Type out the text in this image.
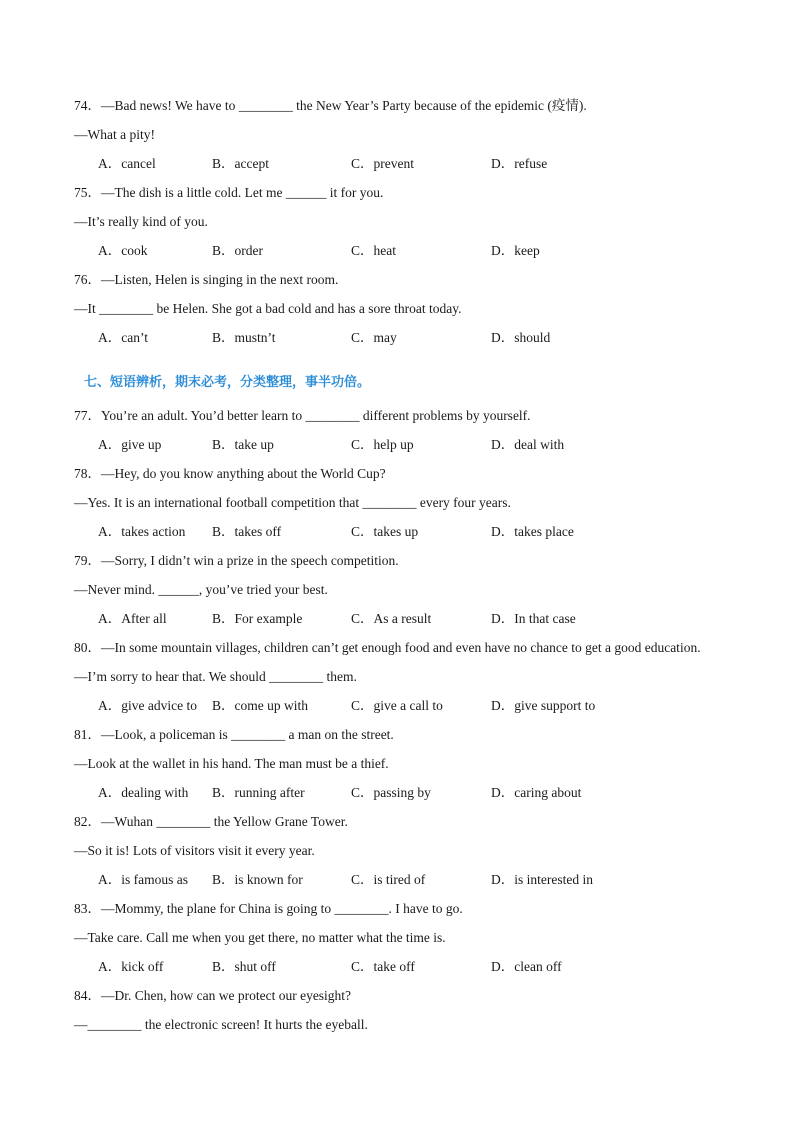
74．—Bad news! We have to ________ the New Year’s Party because of the epidemic (疫情).
—What a pity!
A．cancel	B．accept	C．prevent	D．refuse
75．—The dish is a little cold. Let me ______ it for you.
—It’s really kind of you.
A．cook	B．order	C．heat	D．keep
76．—Listen, Helen is singing in the next room.
—It ________ be Helen. She got a bad cold and has a sore throat today.
A．can’t	B．mustn’t	C．may	D．should
七、短语辨析，期末必考，分类整理，事半功倍。
77．You’re an adult. You’d better learn to ________ different problems by yourself.
A．give up	B．take up	C．help up	D．deal with
78．—Hey, do you know anything about the World Cup?
—Yes. It is an international football competition that ________ every four years.
A．takes action B．takes off	C．takes up	D．takes place
79．—Sorry, I didn’t win a prize in the speech competition.
—Never mind. ______, you’ve tried your best.
A．After all	B．For example	C．As a result	D．In that case
80．—In some mountain villages, children can’t get enough food and even have no chance to get a good education.
—I’m sorry to hear that. We should ________ them.
A．give advice to B．come up with	C．give a call to	D．give support to
81．—Look, a policeman is ________ a man on the street.
—Look at the wallet in his hand. The man must be a thief.
A．dealing with B．running after	C．passing by	D．caring about
82．—Wuhan ________ the Yellow Grane Tower.
—So it is! Lots of visitors visit it every year.
A．is famous as B．is known for	C．is tired of	D．is interested in
83．—Mommy, the plane for China is going to ________. I have to go.
—Take care. Call me when you get there, no matter what the time is.
A．kick off	B．shut off	C．take off	D．clean off
84．—Dr. Chen, how can we protect our eyesight?
—________ the electronic screen! It hurts the eyeball.
